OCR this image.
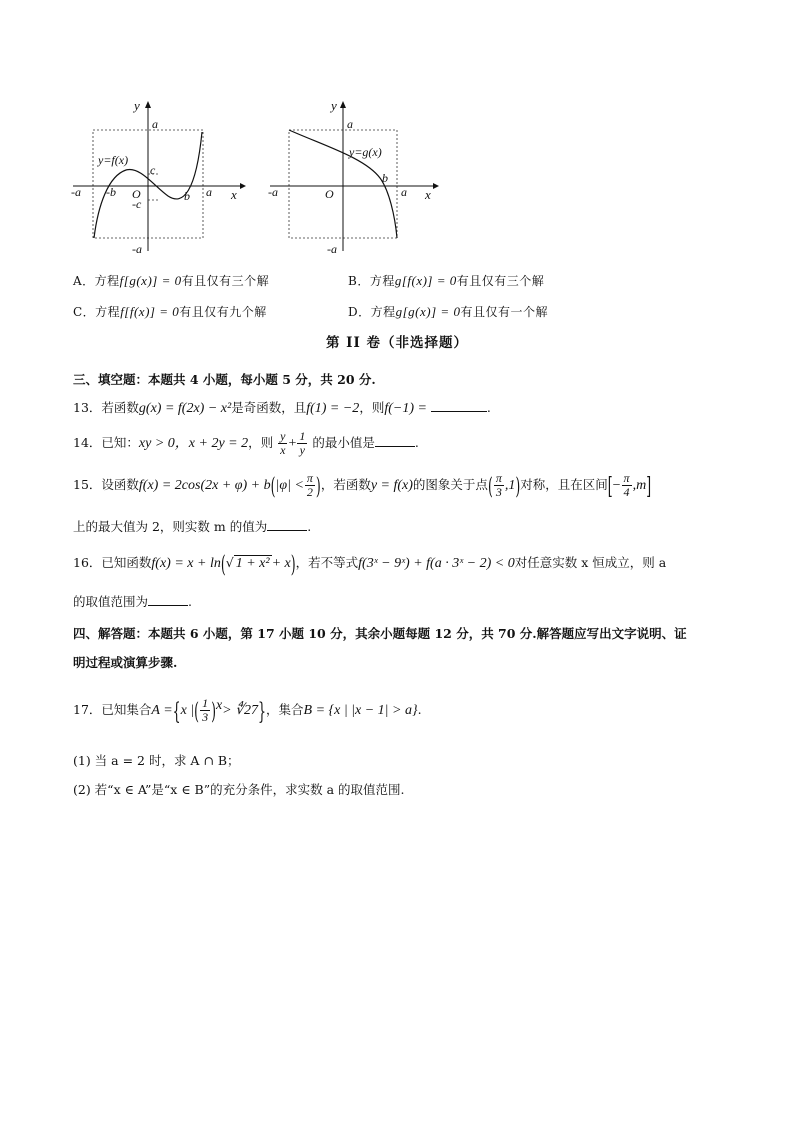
y
x
a
-a
-a	a
-b O	b
c
-c
y=f(x)
y
x
a
-a
-a	a
O
b
y=g(x)
A．方程f[g(x)] = 0有且仅有三个解	B．方程g[f(x)] = 0有且仅有三个解
C．方程f[f(x)] = 0有且仅有九个解	D．方程g[g(x)] = 0有且仅有一个解
第 II 卷（非选择题）
三、填空题：本题共 4 小题，每小题 5 分，共 20 分.
13．若函数g(x) = f(2x) − x²是奇函数，且f(1) = −2，则f(−1) =	.
14．已知：xy > 0，x + 2y = 2，则 $\frac{y}{x} + \frac{1}{y}$ 的最小值是	.
15．设函数$f(x) = 2\cos(2x + \varphi) + b(|\varphi| < \frac{\pi}{2}$ )，若函数y = f(x)的图象关于点( $\frac{\pi}{3} ,1$)对称，且在区间[− $\frac{\pi}{4} ,m$]
上的最大值为 2，则实数 m 的值为	.
16．已知函数f(x) = x + ln(√ 1 + x² + x)，若不等式f(3ˣ − 9ˣ) + f(a · 3ˣ − 2) < 0对任意实数 x 恒成立，则 a
的取值范围为	.
四、解答题：本题共 6 小题，第 17 小题 10 分，其余小题每题 12 分，共 70 分.解答题应写出文字说明、证
明过程或演算步骤.
17．已知集合A ={x |( $\frac{1}{3} )^x>$ ∜27}，集合B = {x | |x − 1| > a}.
(1) 当 a = 2 时，求 A ∩ B；
(2) 若“x ∈ A”是“x ∈ B”的充分条件，求实数 a 的取值范围.
